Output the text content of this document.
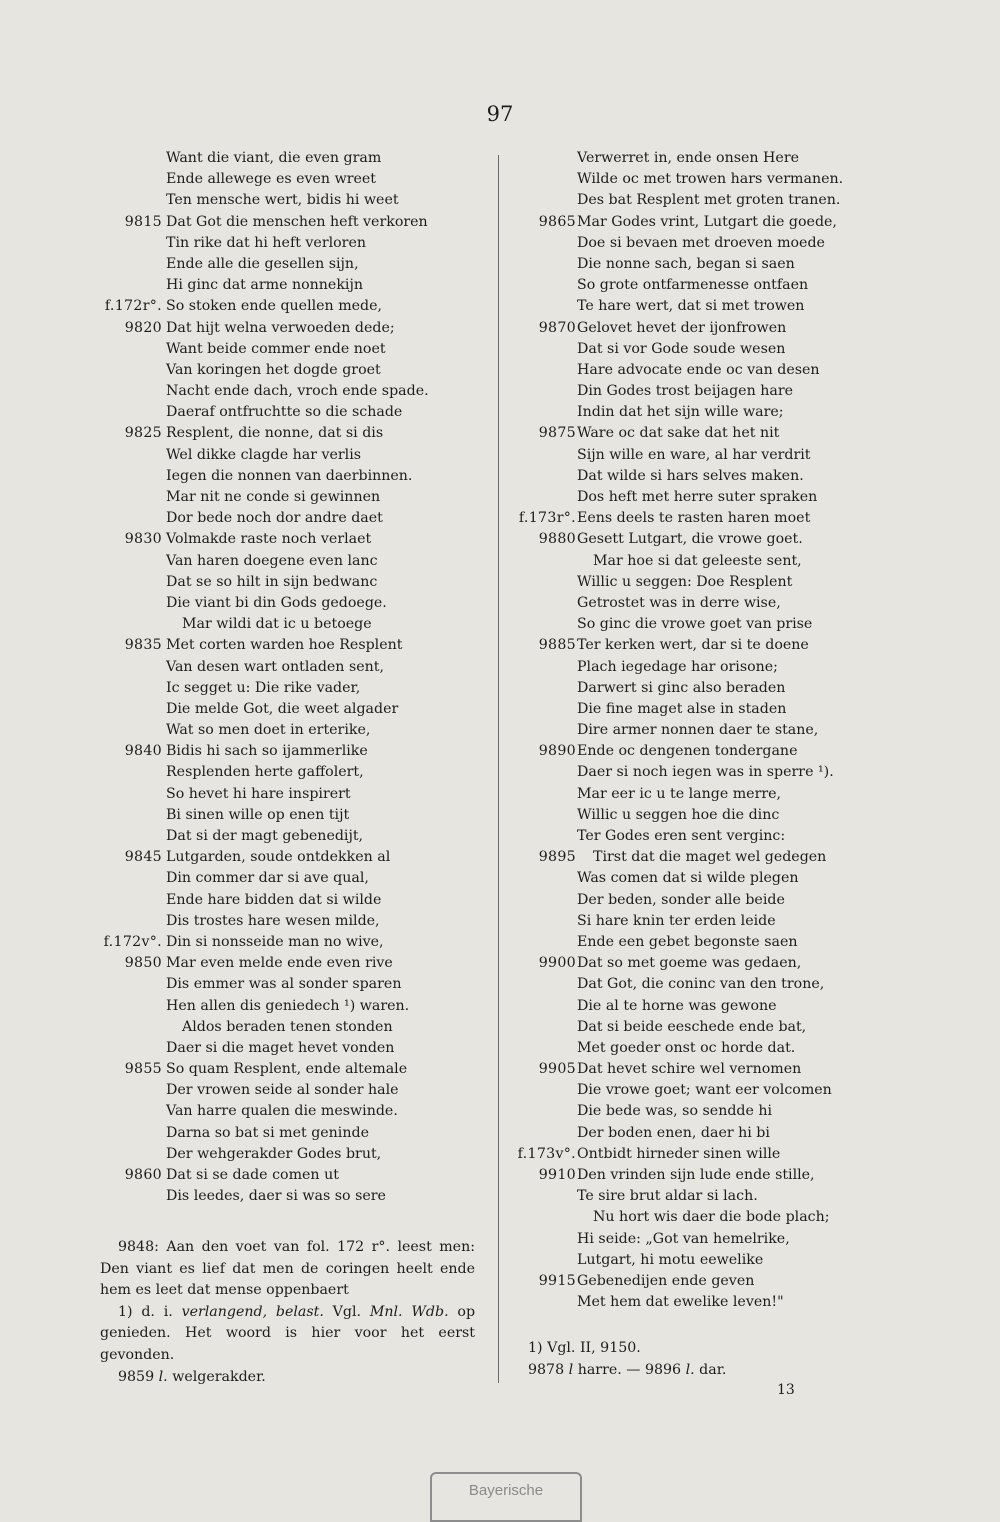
97
Want die viant, die even gram
Ende allewege es even wreet
Ten mensche wert, bidis hi weet
9815 Dat Got die menschen heft verkoren
Tin rike dat hi heft verloren
Ende alle die gesellen sijn,
Hi ginc dat arme nonnekijn
f.172r°. So stoken ende quellen mede,
9820 Dat hijt welna verwoeden dede;
Want beide commer ende noet
Van koringen het dogde groet
Nacht ende dach, vroch ende spade.
Daeraf ontfruchtte so die schade
9825 Resplent, die nonne, dat si dis
Wel dikke clagde har verlis
Iegen die nonnen van daerbinnen.
Mar nit ne conde si gewinnen
Dor bede noch dor andre daet
9830 Volmakde raste noch verlaet
Van haren doegene even lanc
Dat se so hilt in sijn bedwanc
Die viant bi din Gods gedoege.
Mar wildi dat ic u betoege
9835 Met corten warden hoe Resplent
Van desen wart ontladen sent,
Ic segget u: Die rike vader,
Die melde Got, die weet algader
Wat so men doet in erterike,
9840 Bidis hi sach so ijammerlike
Resplenden herte gaffolert,
So hevet hi hare inspirert
Bi sinen wille op enen tijt
Dat si der magt gebenedijt,
9845 Lutgarden, soude ontdekken al
Din commer dar si ave qual,
Ende hare bidden dat si wilde
Dis trostes hare wesen milde,
f.172v°. Din si nonsseide man no wive,
9850 Mar even melde ende even rive
Dis emmer was al sonder sparen
Hen allen dis geniedech ¹) waren.
Aldos beraden tenen stonden
Daer si die maget hevet vonden
9855 So quam Resplent, ende altemale
Der vrowen seide al sonder hale
Van harre qualen die meswinde.
Darna so bat si met geninde
Der wehgerakder Godes brut,
9860 Dat si se dade comen ut
Dis leedes, daer si was so sere
Verwerret in, ende onsen Here
Wilde oc met trowen hars vermanen.
Des bat Resplent met groten tranen.
9865 Mar Godes vrint, Lutgart die goede,
Doe si bevaen met droeven moede
Die nonne sach, began si saen
So grote ontfarmenesse ontfaen
Te hare wert, dat si met trowen
9870 Gelovet hevet der ijonfrowen
Dat si vor Gode soude wesen
Hare advocate ende oc van desen
Din Godes trost beijagen hare
Indin dat het sijn wille ware;
9875 Ware oc dat sake dat het nit
Sijn wille en ware, al har verdrit
Dat wilde si hars selves maken.
Dos heft met herre suter spraken
f.173r°. Eens deels te rasten haren moet
9880 Gesett Lutgart, die vrowe goet.
Mar hoe si dat geleeste sent,
Willic u seggen: Doe Resplent
Getrostet was in derre wise,
So ginc die vrowe goet van prise
9885 Ter kerken wert, dar si te doene
Plach iegedage har orisone;
Darwert si ginc also beraden
Die fine maget alse in staden
Dire armer nonnen daer te stane,
9890 Ende oc dengenen tondergane
Daer si noch iegen was in sperre ¹).
Mar eer ic u te lange merre,
Willic u seggen hoe die dinc
Ter Godes eren sent verginc:
9895	Tirst dat die maget wel gedegen
Was comen dat si wilde plegen
Der beden, sonder alle beide
Si hare knin ter erden leide
Ende een gebet begonste saen
9900 Dat so met goeme was gedaen,
Dat Got, die coninc van den trone,
Die al te horne was gewone
Dat si beide eeschede ende bat,
Met goeder onst oc horde dat.
9905 Dat hevet schire wel vernomen
Die vrowe goet; want eer volcomen
Die bede was, so sendde hi
Der boden enen, daer hi bi
f.173v°. Ontbidt hirneder sinen wille
9910 Den vrinden sijn lude ende stille,
Te sire brut aldar si lach.
Nu hort wis daer die bode plach;
Hi seide: „Got van hemelrike,
Lutgart, hi motu eewelike
9915 Gebenedijen ende geven
Met hem dat ewelike leven!"

9848: Aan den voet van fol. 172 r°. leest men: Den viant es lief dat men de coringen heelt ende hem es leet dat mense oppenbaert

1) d. i. verlangend, belast. Vgl. Mnl. Wdb. op genieden. Het woord is hier voor het eerst gevonden.

9859 l. welgerakder.

1) Vgl. II, 9150.

9878 l harre. — 9896 l. dar.

13
Bayerische
